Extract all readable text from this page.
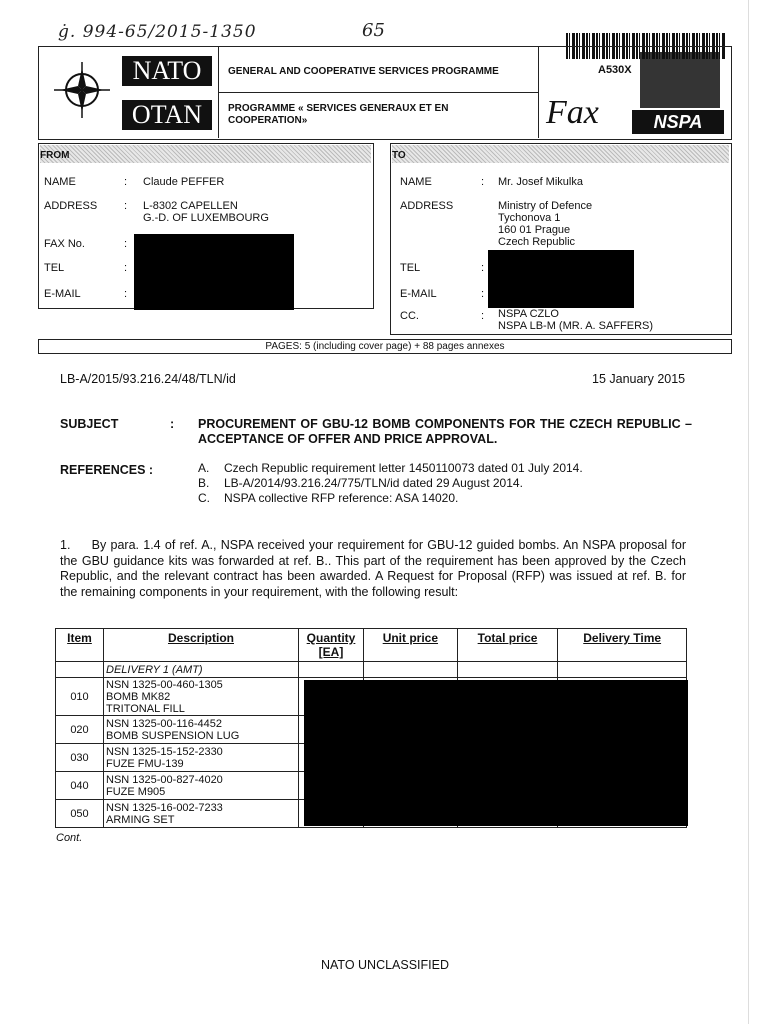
ġ. 994-65/2015-1350	65
NATO
OTAN
GENERAL AND COOPERATIVE SERVICES PROGRAMME
PROGRAMME « SERVICES GENERAUX ET EN COOPERATION»
A530X
Fax	NSPA
FROM
NAME	: Claude PEFFER
ADDRESS : L-8302 CAPELLEN
G.-D. OF LUXEMBOURG
FAX No.	:
TEL	:
E-MAIL	:
TO
NAME	: Mr. Josef Mikulka
ADDRESS	Ministry of Defence
Tychonova 1
160 01 Prague
Czech Republic
TEL	:
E-MAIL	:
CC.	: NSPA CZLO
NSPA LB-M (MR. A. SAFFERS)
PAGES: 5 (including cover page) + 88 pages annexes
LB-A/2015/93.216.24/48/TLN/id	15 January 2015
SUBJECT	: PROCUREMENT OF GBU-12 BOMB COMPONENTS FOR THE CZECH REPUBLIC – ACCEPTANCE OF OFFER AND PRICE APPROVAL.
REFERENCES :	A. Czech Republic requirement letter 1450110073 dated 01 July 2014.
B. LB-A/2014/93.216.24/775/TLN/id dated 29 August 2014.
C. NSPA collective RFP reference: ASA 14020.
1.     By para. 1.4 of ref. A., NSPA received your requirement for GBU-12 guided bombs. An NSPA proposal for the GBU guidance kits was forwarded at ref. B.. This part of the requirement has been approved by the Czech Republic, and the relevant contract has been awarded. A Request for Proposal (RFP) was issued at ref. B. for the remaining components in your requirement, with the following result:
Item	Description	Quantity [EA]	Unit price	Total price	Delivery Time
	DELIVERY 1 (AMT)				
010	NSN 1325-00-460-1305
BOMB MK82
TRITONAL FILL				

020	NSN 1325-00-116-4452
BOMB SUSPENSION LUG				

030	NSN 1325-15-152-2330
FUZE FMU-139				

040	NSN 1325-00-827-4020
FUZE M905				

050	NSN 1325-16-002-7233
ARMING SET				

Cont.
NATO UNCLASSIFIED
